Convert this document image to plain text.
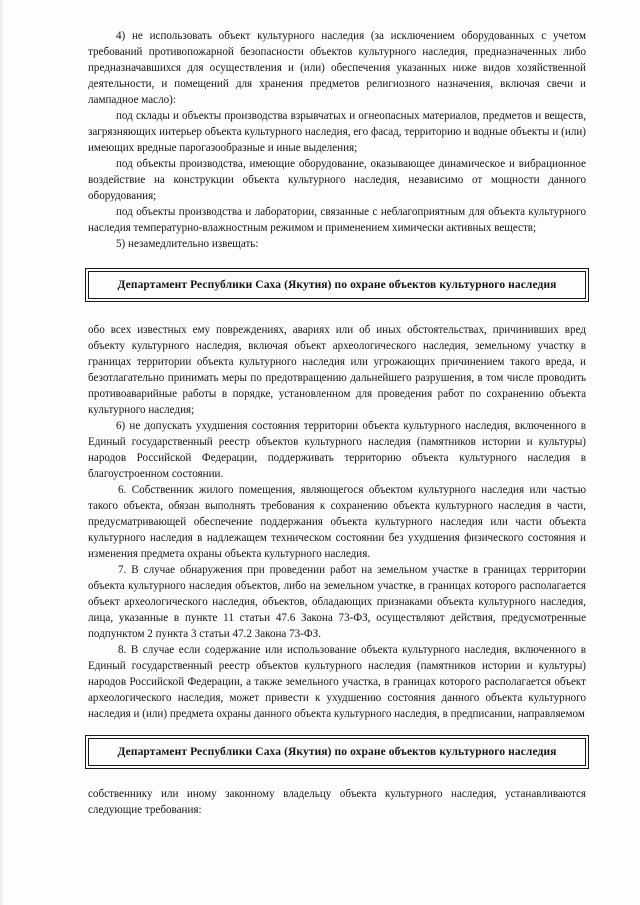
4) не использовать объект культурного наследия (за исключением оборудованных с учетом требований противопожарной безопасности объектов культурного наследия, предназначенных либо предназначавшихся для осуществления и (или) обеспечения указанных ниже видов хозяйственной деятельности, и помещений для хранения предметов религиозного назначения, включая свечи и лампадное масло):

под склады и объекты производства взрывчатых и огнеопасных материалов, предметов и веществ, загрязняющих интерьер объекта культурного наследия, его фасад, территорию и водные объекты и (или) имеющих вредные парогазообразные и иные выделения;

под объекты производства, имеющие оборудование, оказывающее динамическое и вибрационное воздействие на конструкции объекта культурного наследия, независимо от мощности данного оборудования;

под объекты производства и лаборатории, связанные с неблагоприятным для объекта культурного наследия температурно-влажностным режимом и применением химически активных веществ;

5) незамедлительно извещать:

Департамент Республики Саха (Якутия) по охране объектов культурного наследия

обо всех известных ему повреждениях, авариях или об иных обстоятельствах, причинивших вред объекту культурного наследия, включая объект археологического наследия, земельному участку в границах территории объекта культурного наследия или угрожающих причинением такого вреда, и безотлагательно принимать меры по предотвращению дальнейшего разрушения, в том числе проводить противоаварийные работы в порядке, установленном для проведения работ по сохранению объекта культурного наследия;

6) не допускать ухудшения состояния территории объекта культурного наследия, включенного в Единый государственный реестр объектов культурного наследия (памятников истории и культуры) народов Российской Федерации, поддерживать территорию объекта культурного наследия в благоустроенном состоянии.

6. Собственник жилого помещения, являющегося объектом культурного наследия или частью такого объекта, обязан выполнять требования к сохранению объекта культурного наследия в части, предусматривающей обеспечение поддержания объекта культурного наследия или части объекта культурного наследия в надлежащем техническом состоянии без ухудшения физического состояния и изменения предмета охраны объекта культурного наследия.

7. В случае обнаружения при проведении работ на земельном участке в границах территории объекта культурного наследия объектов, либо на земельном участке, в границах которого располагается объект археологического наследия, объектов, обладающих признаками объекта культурного наследия, лица, указанные в пункте 11 статьи 47.6 Закона 73-ФЗ, осуществляют действия, предусмотренные подпунктом 2 пункта 3 статьи 47.2 Закона 73-ФЗ.

8. В случае если содержание или использование объекта культурного наследия, включенного в Единый государственный реестр объектов культурного наследия (памятников истории и культуры) народов Российской Федерации, а также земельного участка, в границах которого располагается объект археологического наследия, может привести к ухудшению состояния данного объекта культурного наследия и (или) предмета охраны данного объекта культурного наследия, в предписании, направляемом

Департамент Республики Саха (Якутия) по охране объектов культурного наследия

собственнику или иному законному владельцу объекта культурного наследия, устанавливаются следующие требования:
